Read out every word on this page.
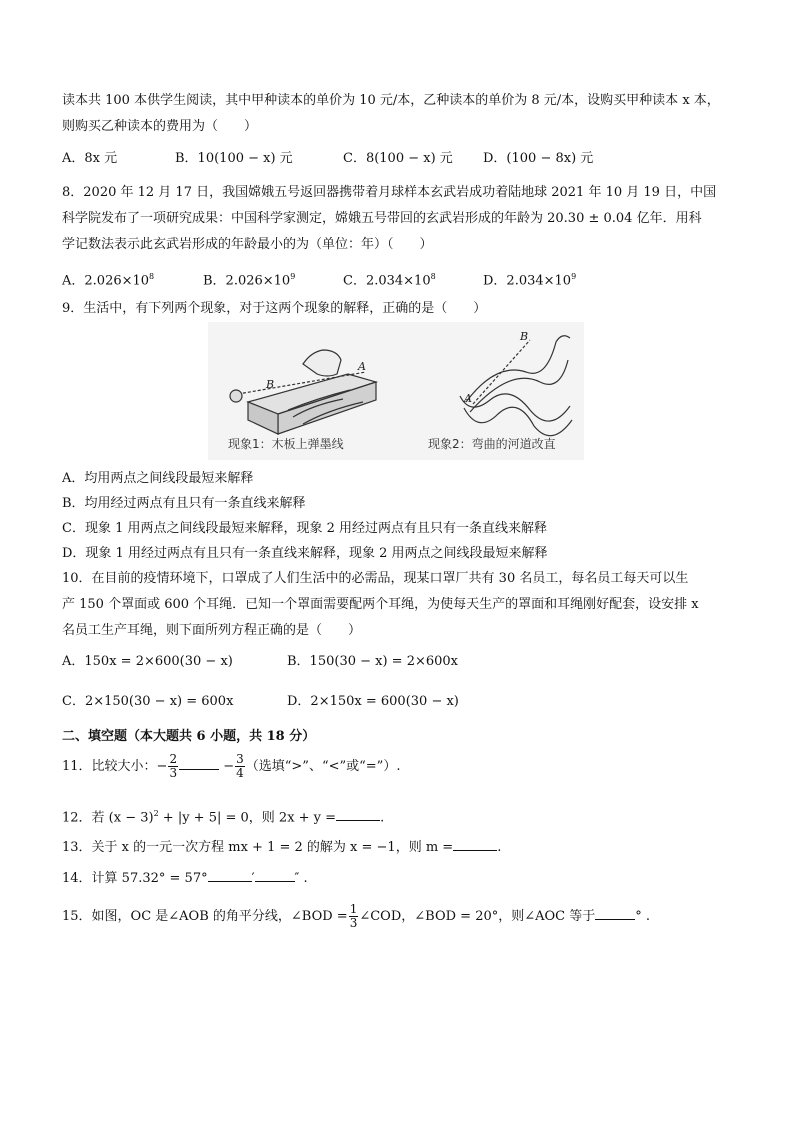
读本共 100 本供学生阅读，其中甲种读本的单价为 10 元/本，乙种读本的单价为 8 元/本，设购买甲种读本 x 本，
则购买乙种读本的费用为（　　）
A．8x 元	B．10(100 − x) 元	C．8(100 − x) 元 D．(100 − 8x) 元
8．2020 年 12 月 17 日，我国嫦娥五号返回器携带着月球样本玄武岩成功着陆地球 2021 年 10 月 19 日，中国
科学院发布了一项研究成果：中国科学家测定，嫦娥五号带回的玄武岩形成的年龄为 20.30 ± 0.04 亿年．用科
学记数法表示此玄武岩形成的年龄最小的为（单位：年）（　　）
A．$2.026\times 10^8$	B．$2.026\times 10^9$	C．$2.034\times 10^8$	D．$2.034\times 10^9$
9．生活中，有下列两个现象，对于这两个现象的解释，正确的是（　　）
B
A
现象1：木板上弹墨线
B
A
现象2：弯曲的河道改直
A．均用两点之间线段最短来解释
B．均用经过两点有且只有一条直线来解释
C．现象 1 用两点之间线段最短来解释，现象 2 用经过两点有且只有一条直线来解释
D．现象 1 用经过两点有且只有一条直线来解释，现象 2 用两点之间线段最短来解释
10．在目前的疫情环境下，口罩成了人们生活中的必需品，现某口罩厂共有 30 名员工，每名员工每天可以生
产 150 个罩面或 600 个耳绳．已知一个罩面需要配两个耳绳，为使每天生产的罩面和耳绳刚好配套，设安排 x
名员工生产耳绳，则下面所列方程正确的是（　　）
A．150x = 2×600(30 − x)	B．150(30 − x) = 2×600x
C．2×150(30 − x) = 600x	D．2×150x = 600(30 − x)
二、填空题（本大题共 6 小题，共 18 分）
11．比较大小：− $\frac{2}{3}$	− $\frac{3}{4}$ （选填“>”、“<”或“=”）.
12．若 $(x - 3)^2 + |y + 5| = 0$，则 2x + y =	.
13．关于 x 的一元一次方程 mx + 1 = 2 的解为 x = −1，则 m =	.
14．计算 57.32° = 57°	′	″ .
15．如图，OC 是∠AOB 的角平分线，∠BOD = $\frac{1}{3}$ ∠COD，∠BOD = 20°，则∠AOC 等于	° .
